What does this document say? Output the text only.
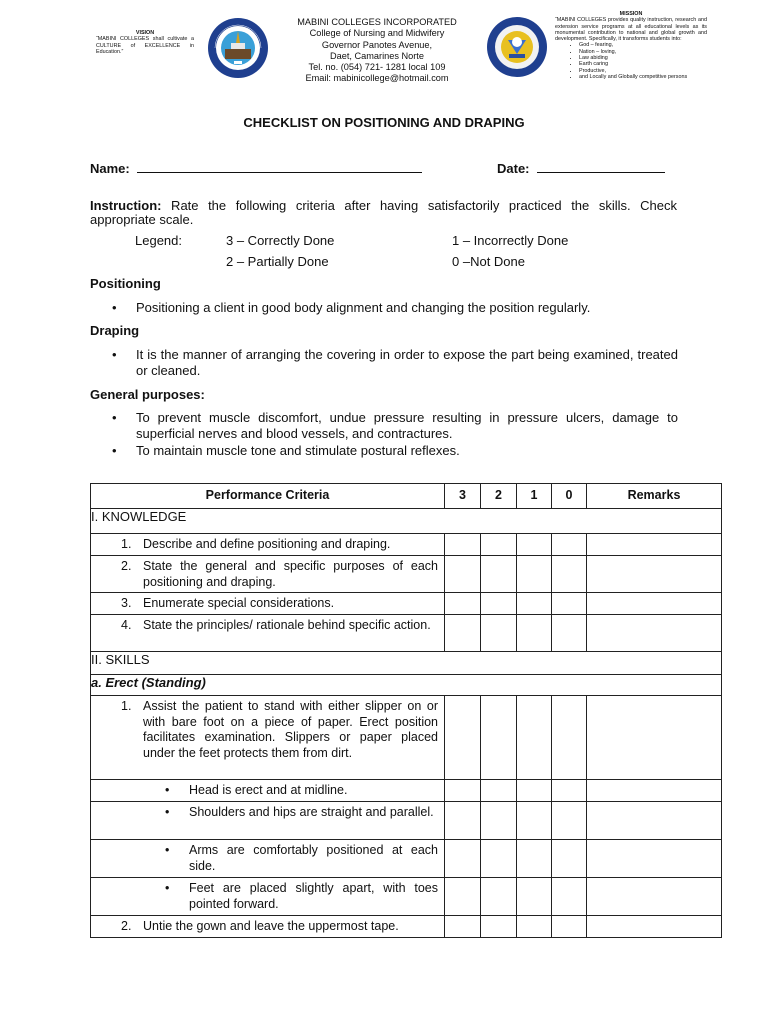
VISION
“MABINI COLLEGES shall cultivate a CULTURE of EXCELLENCE in Education.”
MABINI COLLEGES INCORPORATED
College of Nursing and Midwifery
Governor Panotes Avenue,
Daet, Camarines Norte
Tel. no. (054) 721- 1281 local 109
Email: mabinicollege@hotmail.com
MISSION
“MABINI COLLEGES provides quality instruction, research and extension service programs at all educational levels as its monumental contribution to national and global growth and development. Specifically, it transforms students into:
• God – fearing,
• Nation – loving,
• Law abiding
• Earth caring
• Productive,
• and Locally and Globally competitive persons
CHECKLIST ON POSITIONING AND DRAPING
Name:	Date:
Instruction: Rate the following criteria after having satisfactorily practiced the skills. Check appropriate scale.
Legend:	3 – Correctly Done	1 – Incorrectly Done
2 – Partially Done	0 –Not Done
Positioning
• Positioning a client in good body alignment and changing the position regularly.
Draping
• It is the manner of arranging the covering in order to expose the part being examined, treated or cleaned.
General purposes:
• To prevent muscle discomfort, undue pressure resulting in pressure ulcers, damage to superficial nerves and blood vessels, and contractures.
• To maintain muscle tone and stimulate postural reflexes.
Performance Criteria	3	2	1	0	Remarks
I. KNOWLEDGE					

1. Describe and define positioning and draping.					

2. State the general and specific purposes of each positioning and draping.					

3. Enumerate special considerations.					

4. State the principles/ rationale behind specific action.					
II. SKILLS					
a. Erect (Standing)					

1. Assist the patient to stand with either slipper on or with bare foot on a piece of paper. Erect position facilitates examination. Slippers or paper placed under the feet protects them from dirt.					

• Head is erect and at midline.					

• Shoulders and hips are straight and parallel.					

• Arms are comfortably positioned at each side.					

• Feet are placed slightly apart, with toes pointed forward.					

2. Untie the gown and leave the uppermost tape.					
